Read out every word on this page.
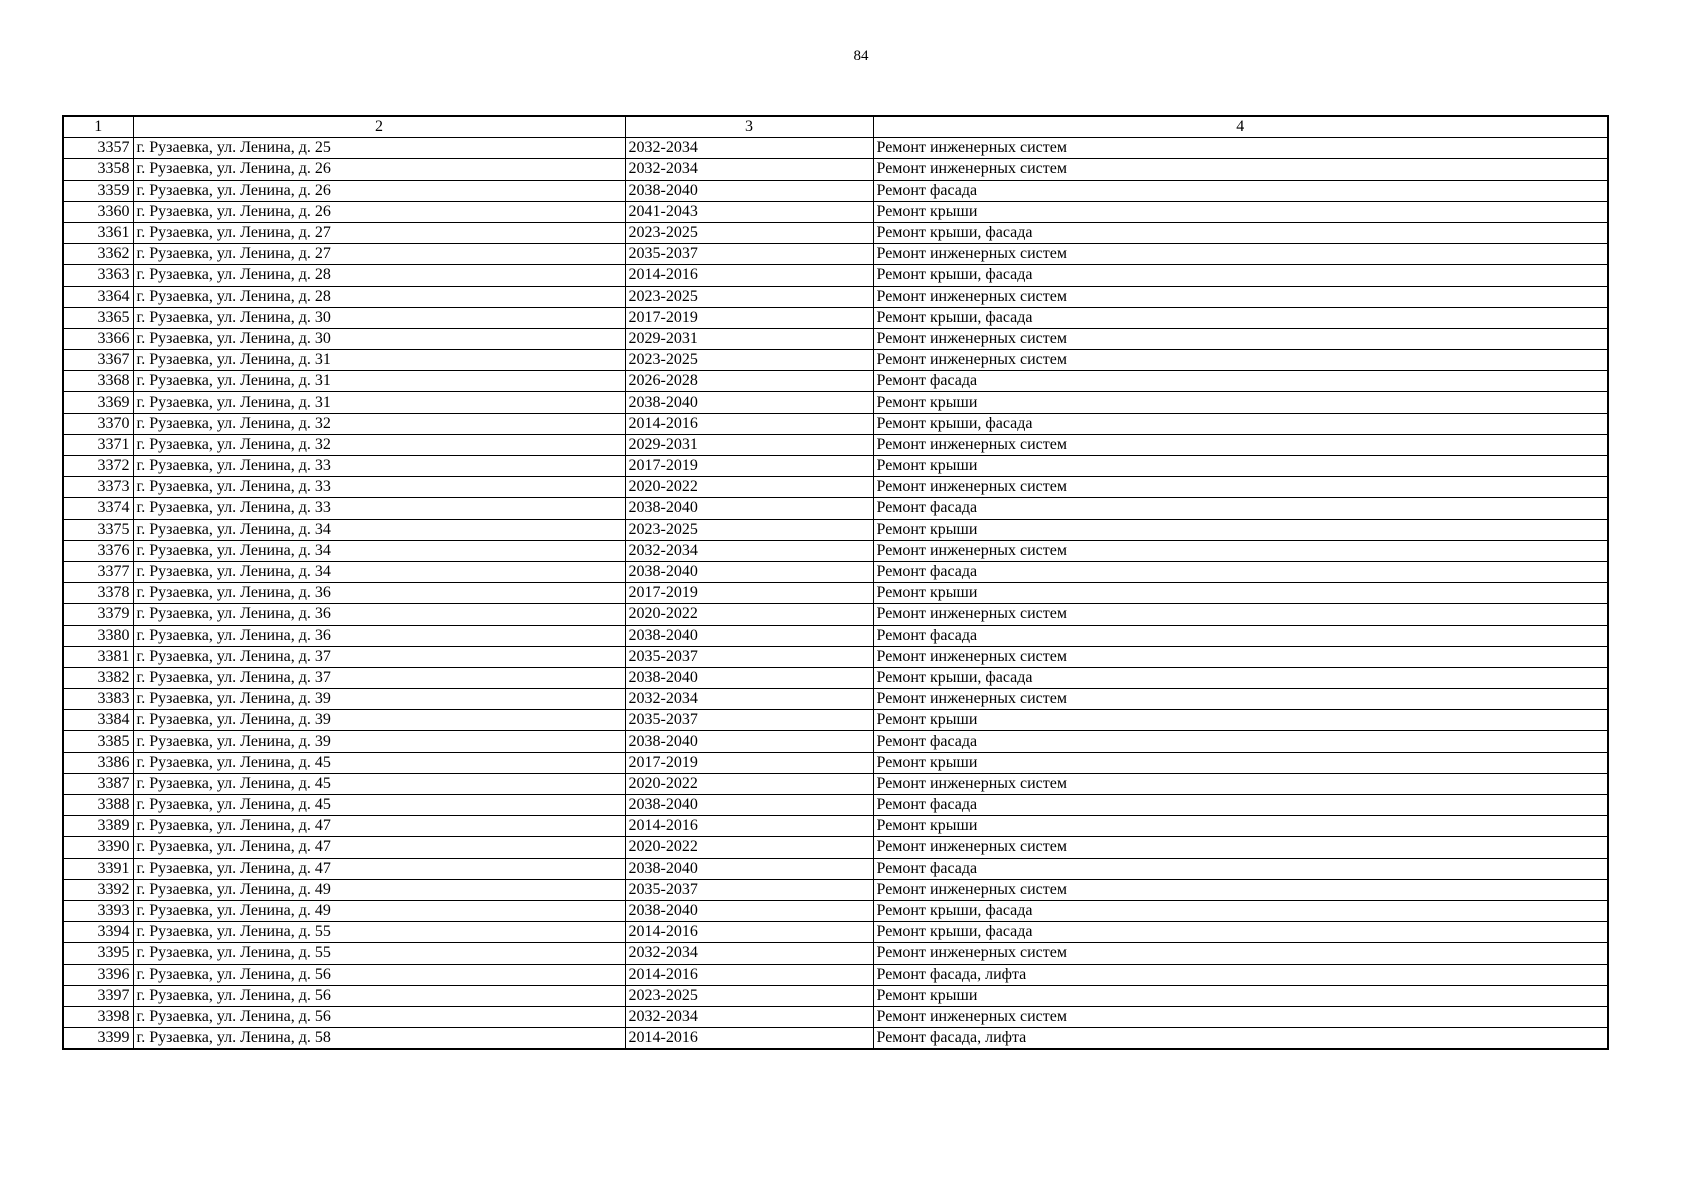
84
1	2	3	4
3357	г. Рузаевка, ул. Ленина, д. 25	2032-2034	Ремонт инженерных систем
3358	г. Рузаевка, ул. Ленина, д. 26	2032-2034	Ремонт инженерных систем
3359	г. Рузаевка, ул. Ленина, д. 26	2038-2040	Ремонт фасада
3360	г. Рузаевка, ул. Ленина, д. 26	2041-2043	Ремонт крыши
3361	г. Рузаевка, ул. Ленина, д. 27	2023-2025	Ремонт крыши, фасада
3362	г. Рузаевка, ул. Ленина, д. 27	2035-2037	Ремонт инженерных систем
3363	г. Рузаевка, ул. Ленина, д. 28	2014-2016	Ремонт крыши, фасада
3364	г. Рузаевка, ул. Ленина, д. 28	2023-2025	Ремонт инженерных систем
3365	г. Рузаевка, ул. Ленина, д. 30	2017-2019	Ремонт крыши, фасада
3366	г. Рузаевка, ул. Ленина, д. 30	2029-2031	Ремонт инженерных систем
3367	г. Рузаевка, ул. Ленина, д. 31	2023-2025	Ремонт инженерных систем
3368	г. Рузаевка, ул. Ленина, д. 31	2026-2028	Ремонт фасада
3369	г. Рузаевка, ул. Ленина, д. 31	2038-2040	Ремонт крыши
3370	г. Рузаевка, ул. Ленина, д. 32	2014-2016	Ремонт крыши, фасада
3371	г. Рузаевка, ул. Ленина, д. 32	2029-2031	Ремонт инженерных систем
3372	г. Рузаевка, ул. Ленина, д. 33	2017-2019	Ремонт крыши
3373	г. Рузаевка, ул. Ленина, д. 33	2020-2022	Ремонт инженерных систем
3374	г. Рузаевка, ул. Ленина, д. 33	2038-2040	Ремонт фасада
3375	г. Рузаевка, ул. Ленина, д. 34	2023-2025	Ремонт крыши
3376	г. Рузаевка, ул. Ленина, д. 34	2032-2034	Ремонт инженерных систем
3377	г. Рузаевка, ул. Ленина, д. 34	2038-2040	Ремонт фасада
3378	г. Рузаевка, ул. Ленина, д. 36	2017-2019	Ремонт крыши
3379	г. Рузаевка, ул. Ленина, д. 36	2020-2022	Ремонт инженерных систем
3380	г. Рузаевка, ул. Ленина, д. 36	2038-2040	Ремонт фасада
3381	г. Рузаевка, ул. Ленина, д. 37	2035-2037	Ремонт инженерных систем
3382	г. Рузаевка, ул. Ленина, д. 37	2038-2040	Ремонт крыши, фасада
3383	г. Рузаевка, ул. Ленина, д. 39	2032-2034	Ремонт инженерных систем
3384	г. Рузаевка, ул. Ленина, д. 39	2035-2037	Ремонт крыши
3385	г. Рузаевка, ул. Ленина, д. 39	2038-2040	Ремонт фасада
3386	г. Рузаевка, ул. Ленина, д. 45	2017-2019	Ремонт крыши
3387	г. Рузаевка, ул. Ленина, д. 45	2020-2022	Ремонт инженерных систем
3388	г. Рузаевка, ул. Ленина, д. 45	2038-2040	Ремонт фасада
3389	г. Рузаевка, ул. Ленина, д. 47	2014-2016	Ремонт крыши
3390	г. Рузаевка, ул. Ленина, д. 47	2020-2022	Ремонт инженерных систем
3391	г. Рузаевка, ул. Ленина, д. 47	2038-2040	Ремонт фасада
3392	г. Рузаевка, ул. Ленина, д. 49	2035-2037	Ремонт инженерных систем
3393	г. Рузаевка, ул. Ленина, д. 49	2038-2040	Ремонт крыши, фасада
3394	г. Рузаевка, ул. Ленина, д. 55	2014-2016	Ремонт крыши, фасада
3395	г. Рузаевка, ул. Ленина, д. 55	2032-2034	Ремонт инженерных систем
3396	г. Рузаевка, ул. Ленина, д. 56	2014-2016	Ремонт фасада, лифта
3397	г. Рузаевка, ул. Ленина, д. 56	2023-2025	Ремонт крыши
3398	г. Рузаевка, ул. Ленина, д. 56	2032-2034	Ремонт инженерных систем
3399	г. Рузаевка, ул. Ленина, д. 58	2014-2016	Ремонт фасада, лифта
